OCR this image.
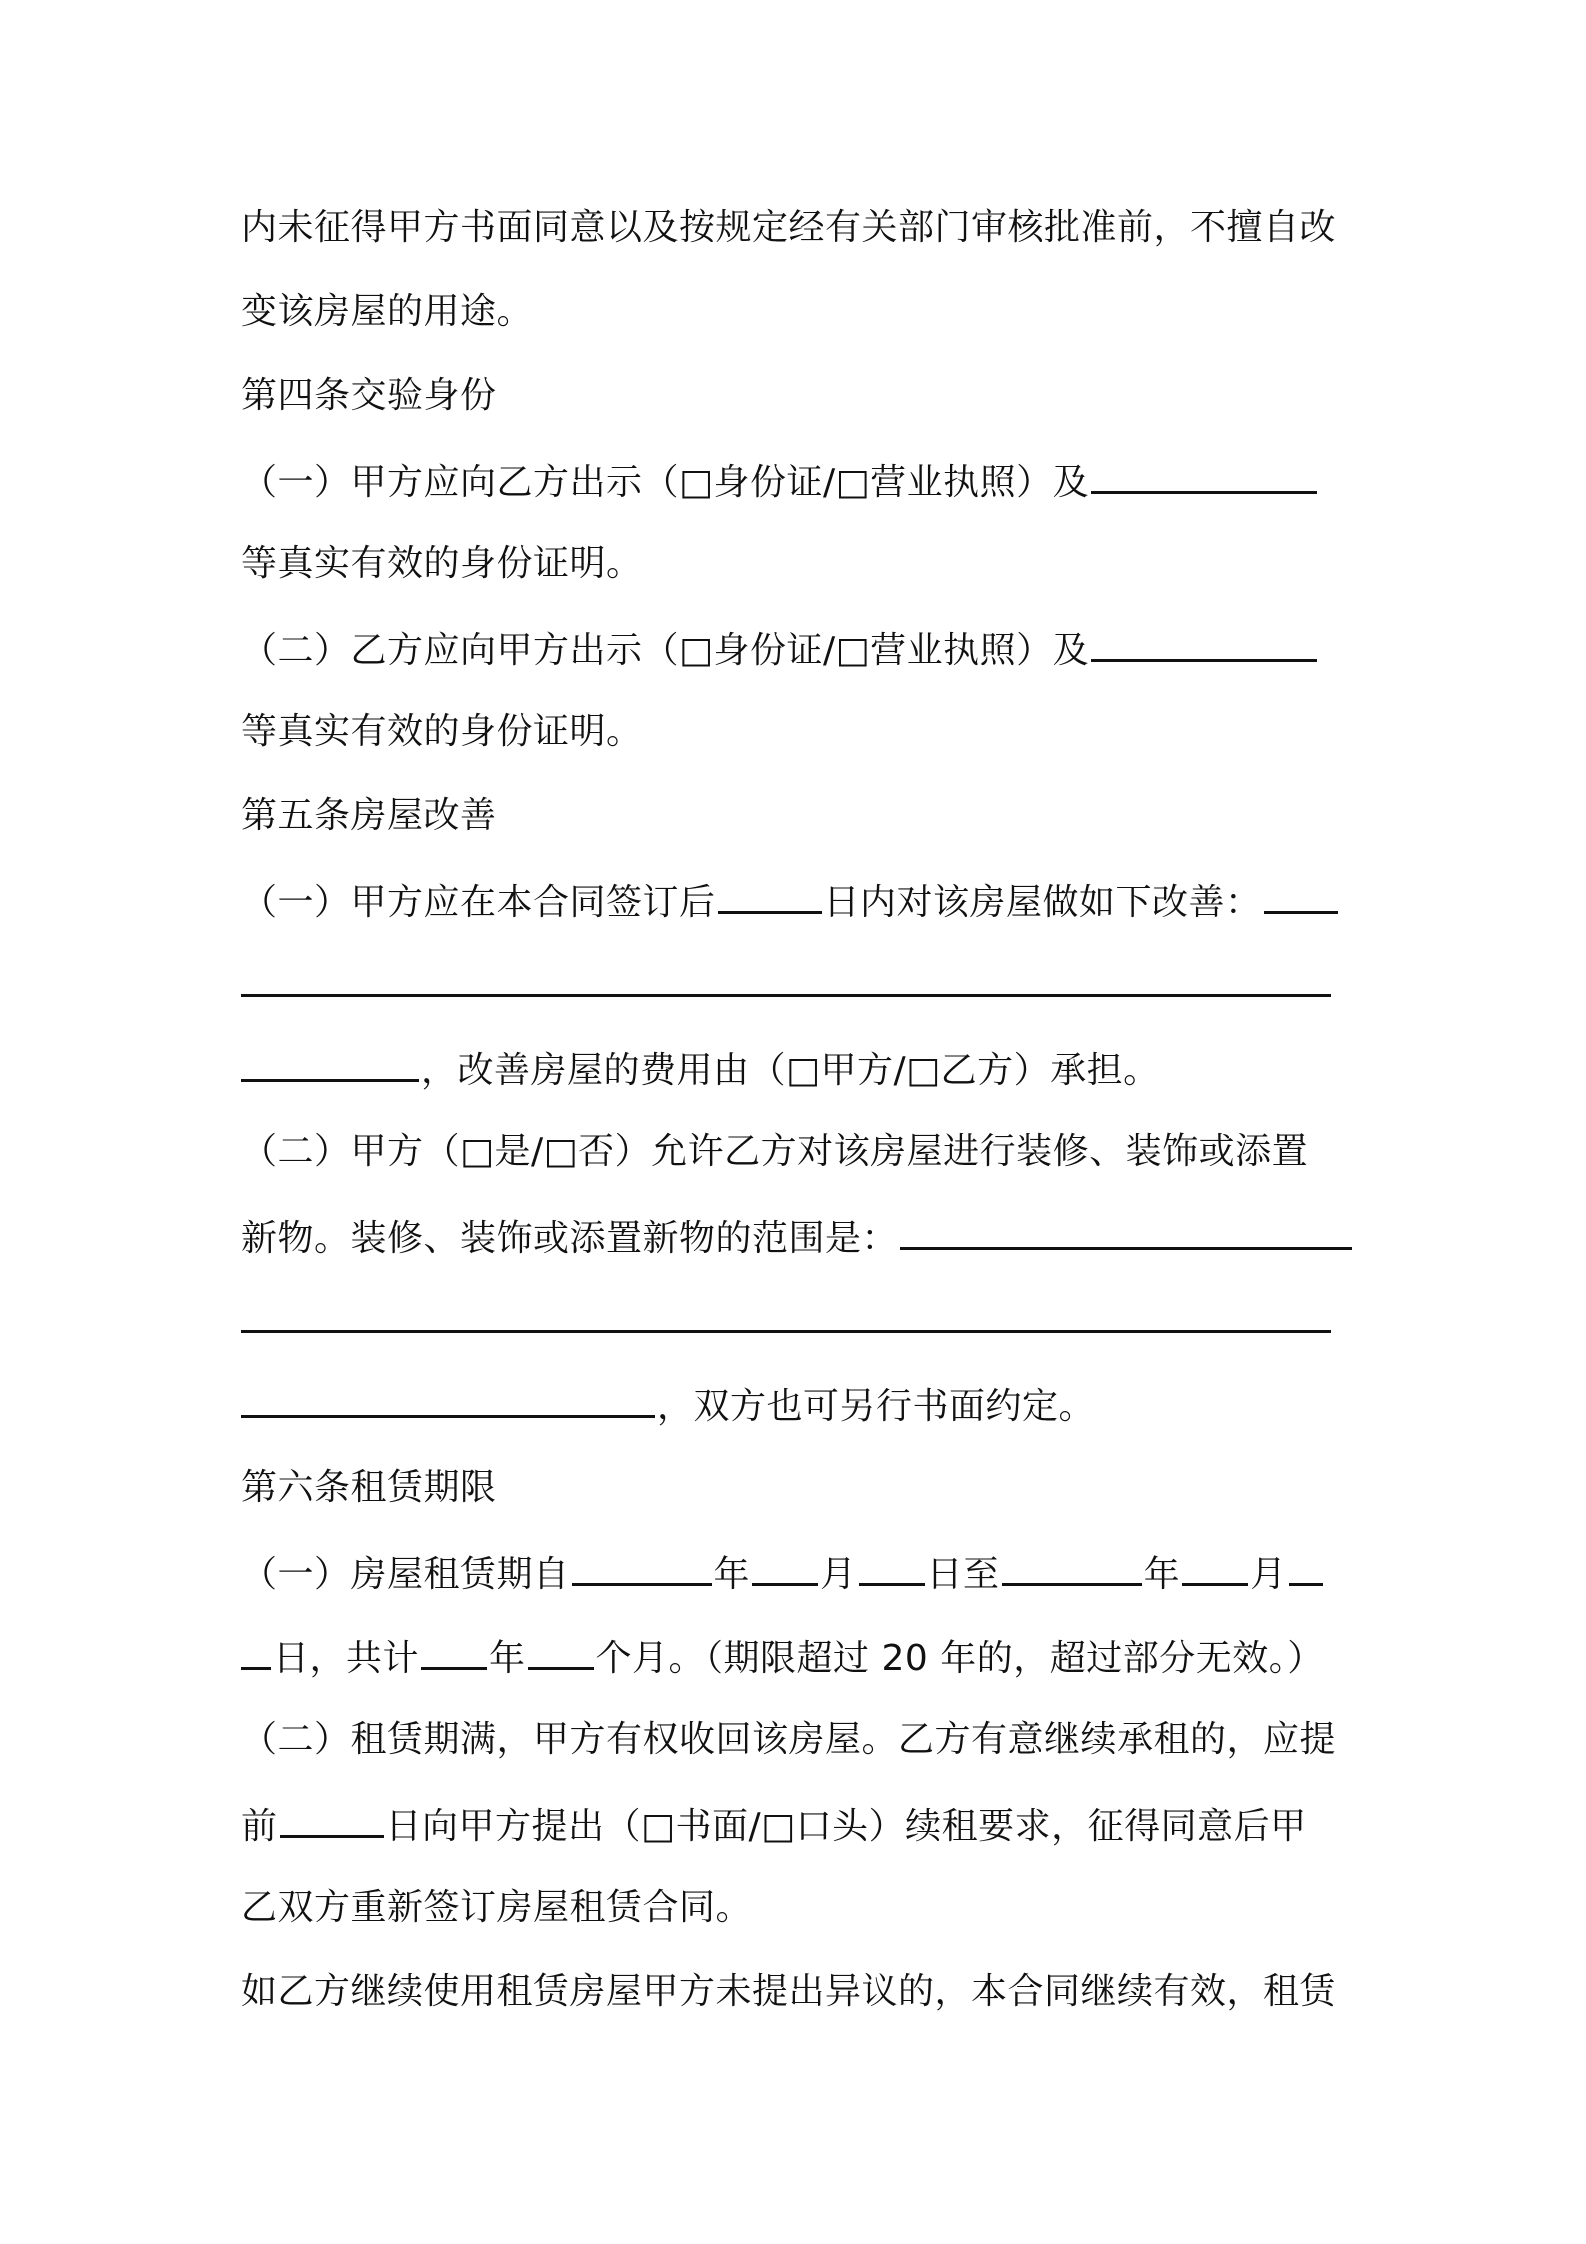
内未征得甲方书面同意以及按规定经有关部门审核批准前，不擅自改
变该房屋的用途。
第四条交验身份
（一）甲方应向乙方出示（□身份证/□营业执照）及
等真实有效的身份证明。
（二）乙方应向甲方出示（□身份证/□营业执照）及
等真实有效的身份证明。
第五条房屋改善
（一）甲方应在本合同签订后	日内对该房屋做如下改善：
，改善房屋的费用由（□甲方/□乙方）承担。
（二）甲方（□是/□否）允许乙方对该房屋进行装修、装饰或添置
新物。装修、装饰或添置新物的范围是：
，双方也可另行书面约定。
第六条租赁期限
（一）房屋租赁期自	年 月 日至	年 月
日，共计 年 个月。（期限超过 20 年的，超过部分无效。）
（二）租赁期满，甲方有权收回该房屋。乙方有意继续承租的，应提
前	日向甲方提出（□书面/□口头）续租要求，征得同意后甲
乙双方重新签订房屋租赁合同。
如乙方继续使用租赁房屋甲方未提出异议的，本合同继续有效，租赁
